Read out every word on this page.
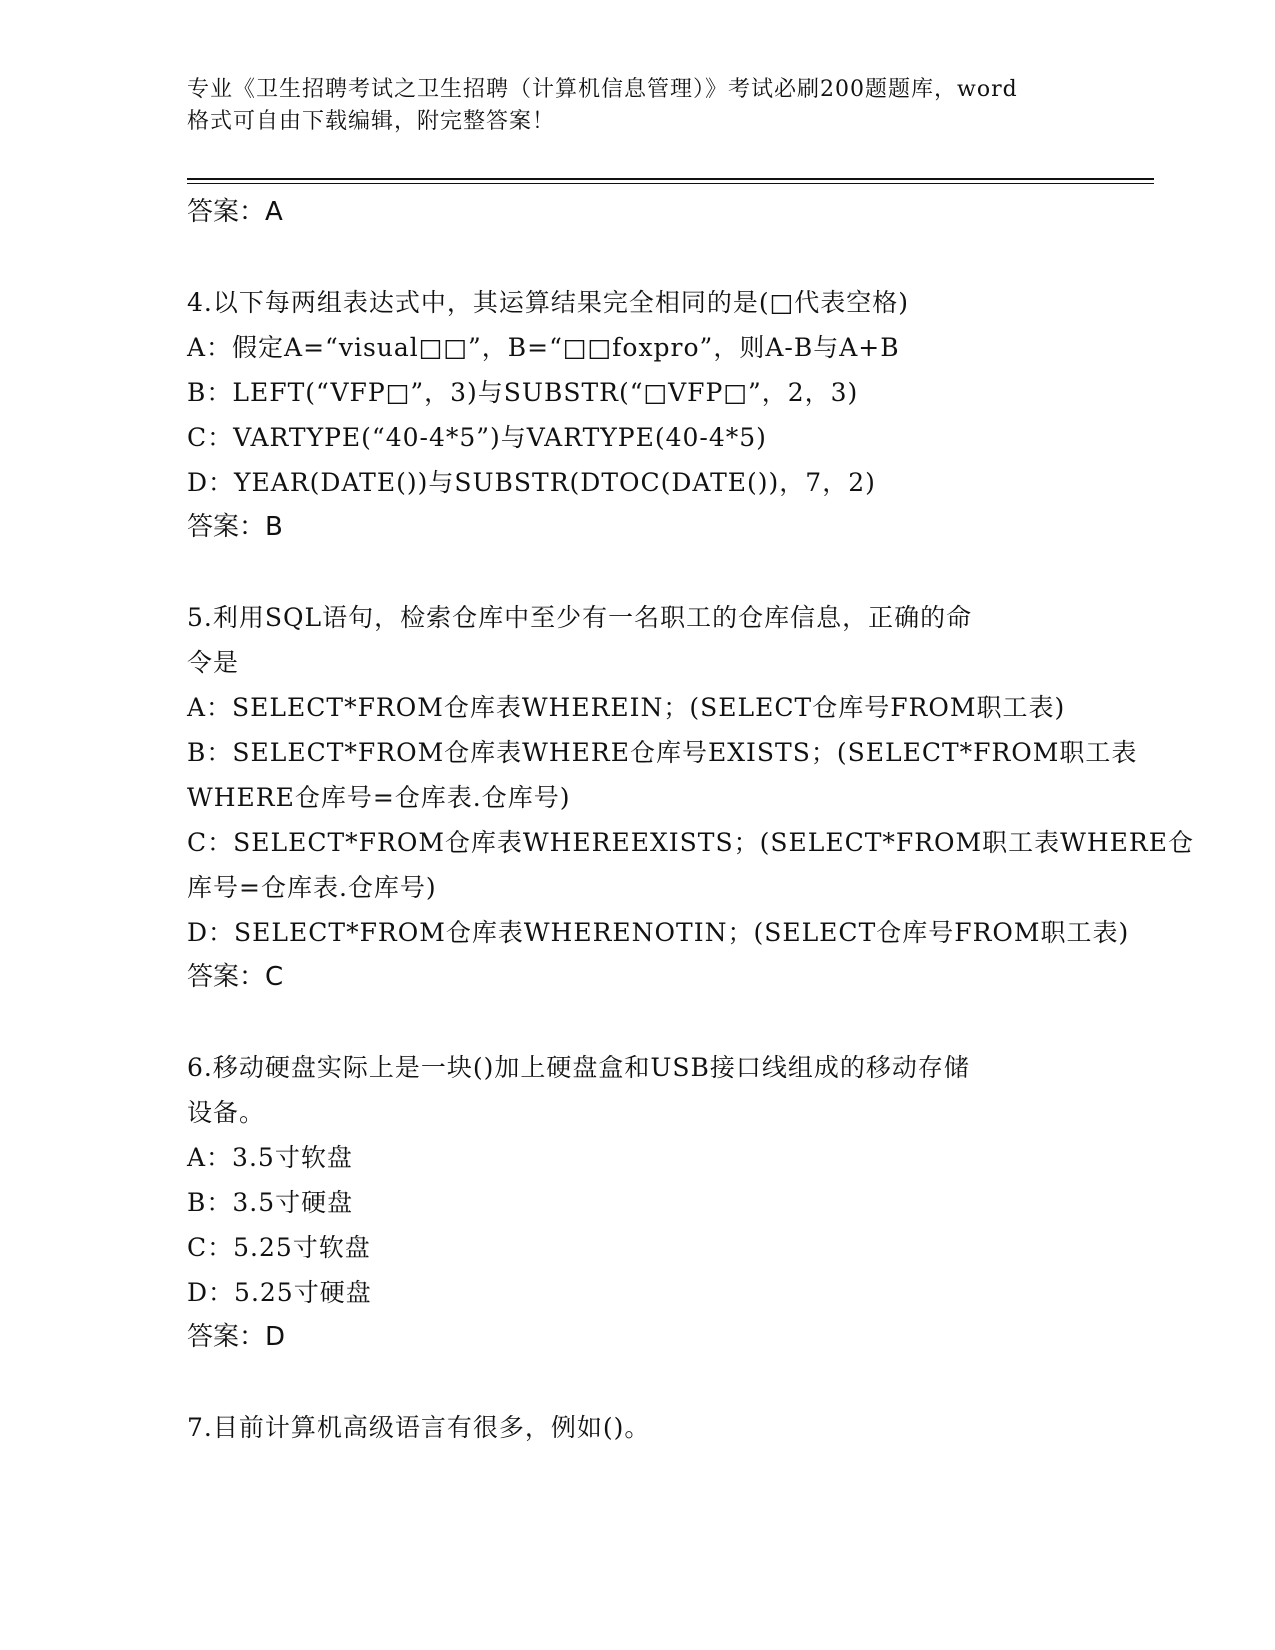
专业《卫生招聘考试之卫生招聘（计算机信息管理）》考试必刷200题题库，word
格式可自由下载编辑，附完整答案！
答案：A
4.以下每两组表达式中，其运算结果完全相同的是(□代表空格)
A：假定A=“visual□□”，B=“□□foxpro”，则A-B与A+B
B：LEFT(“VFP□”，3)与SUBSTR(“□VFP□”，2，3)
C：VARTYPE(“40-4*5”)与VARTYPE(40-4*5)
D：YEAR(DATE())与SUBSTR(DTOC(DATE())，7，2)
答案：B
5.利用SQL语句，检索仓库中至少有一名职工的仓库信息，正确的命
令是
A：SELECT*FROM仓库表WHEREIN；(SELECT仓库号FROM职工表)
B：SELECT*FROM仓库表WHERE仓库号EXISTS；(SELECT*FROM职工表
WHERE仓库号=仓库表.仓库号)
C：SELECT*FROM仓库表WHEREEXISTS；(SELECT*FROM职工表WHERE仓
库号=仓库表.仓库号)
D：SELECT*FROM仓库表WHERENOTIN；(SELECT仓库号FROM职工表)
答案：C
6.移动硬盘实际上是一块()加上硬盘盒和USB接口线组成的移动存储
设备。
A：3.5寸软盘
B：3.5寸硬盘
C：5.25寸软盘
D：5.25寸硬盘
答案：D
7.目前计算机高级语言有很多，例如()。
